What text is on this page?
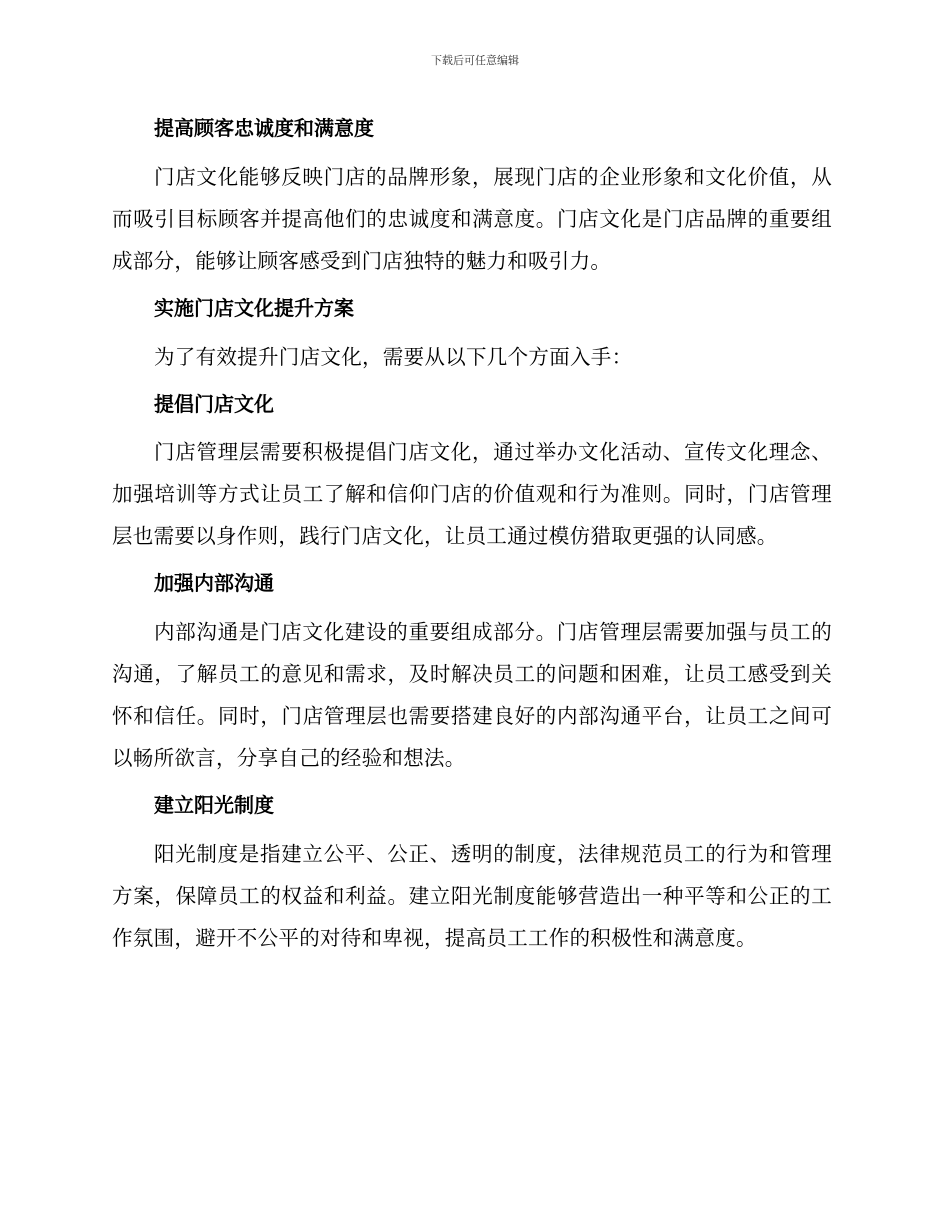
下载后可任意编辑
提高顾客忠诚度和满意度

门店文化能够反映门店的品牌形象，展现门店的企业形象和文化价值，从而吸引目标顾客并提高他们的忠诚度和满意度。门店文化是门店品牌的重要组成部分，能够让顾客感受到门店独特的魅力和吸引力。

实施门店文化提升方案

为了有效提升门店文化，需要从以下几个方面入手：

提倡门店文化

门店管理层需要积极提倡门店文化，通过举办文化活动、宣传文化理念、加强培训等方式让员工了解和信仰门店的价值观和行为准则。同时，门店管理层也需要以身作则，践行门店文化，让员工通过模仿猎取更强的认同感。

加强内部沟通

内部沟通是门店文化建设的重要组成部分。门店管理层需要加强与员工的沟通，了解员工的意见和需求，及时解决员工的问题和困难，让员工感受到关怀和信任。同时，门店管理层也需要搭建良好的内部沟通平台，让员工之间可以畅所欲言，分享自己的经验和想法。

建立阳光制度

阳光制度是指建立公平、公正、透明的制度，法律规范员工的行为和管理方案，保障员工的权益和利益。建立阳光制度能够营造出一种平等和公正的工作氛围，避开不公平的对待和卑视，提高员工工作的积极性和满意度。
